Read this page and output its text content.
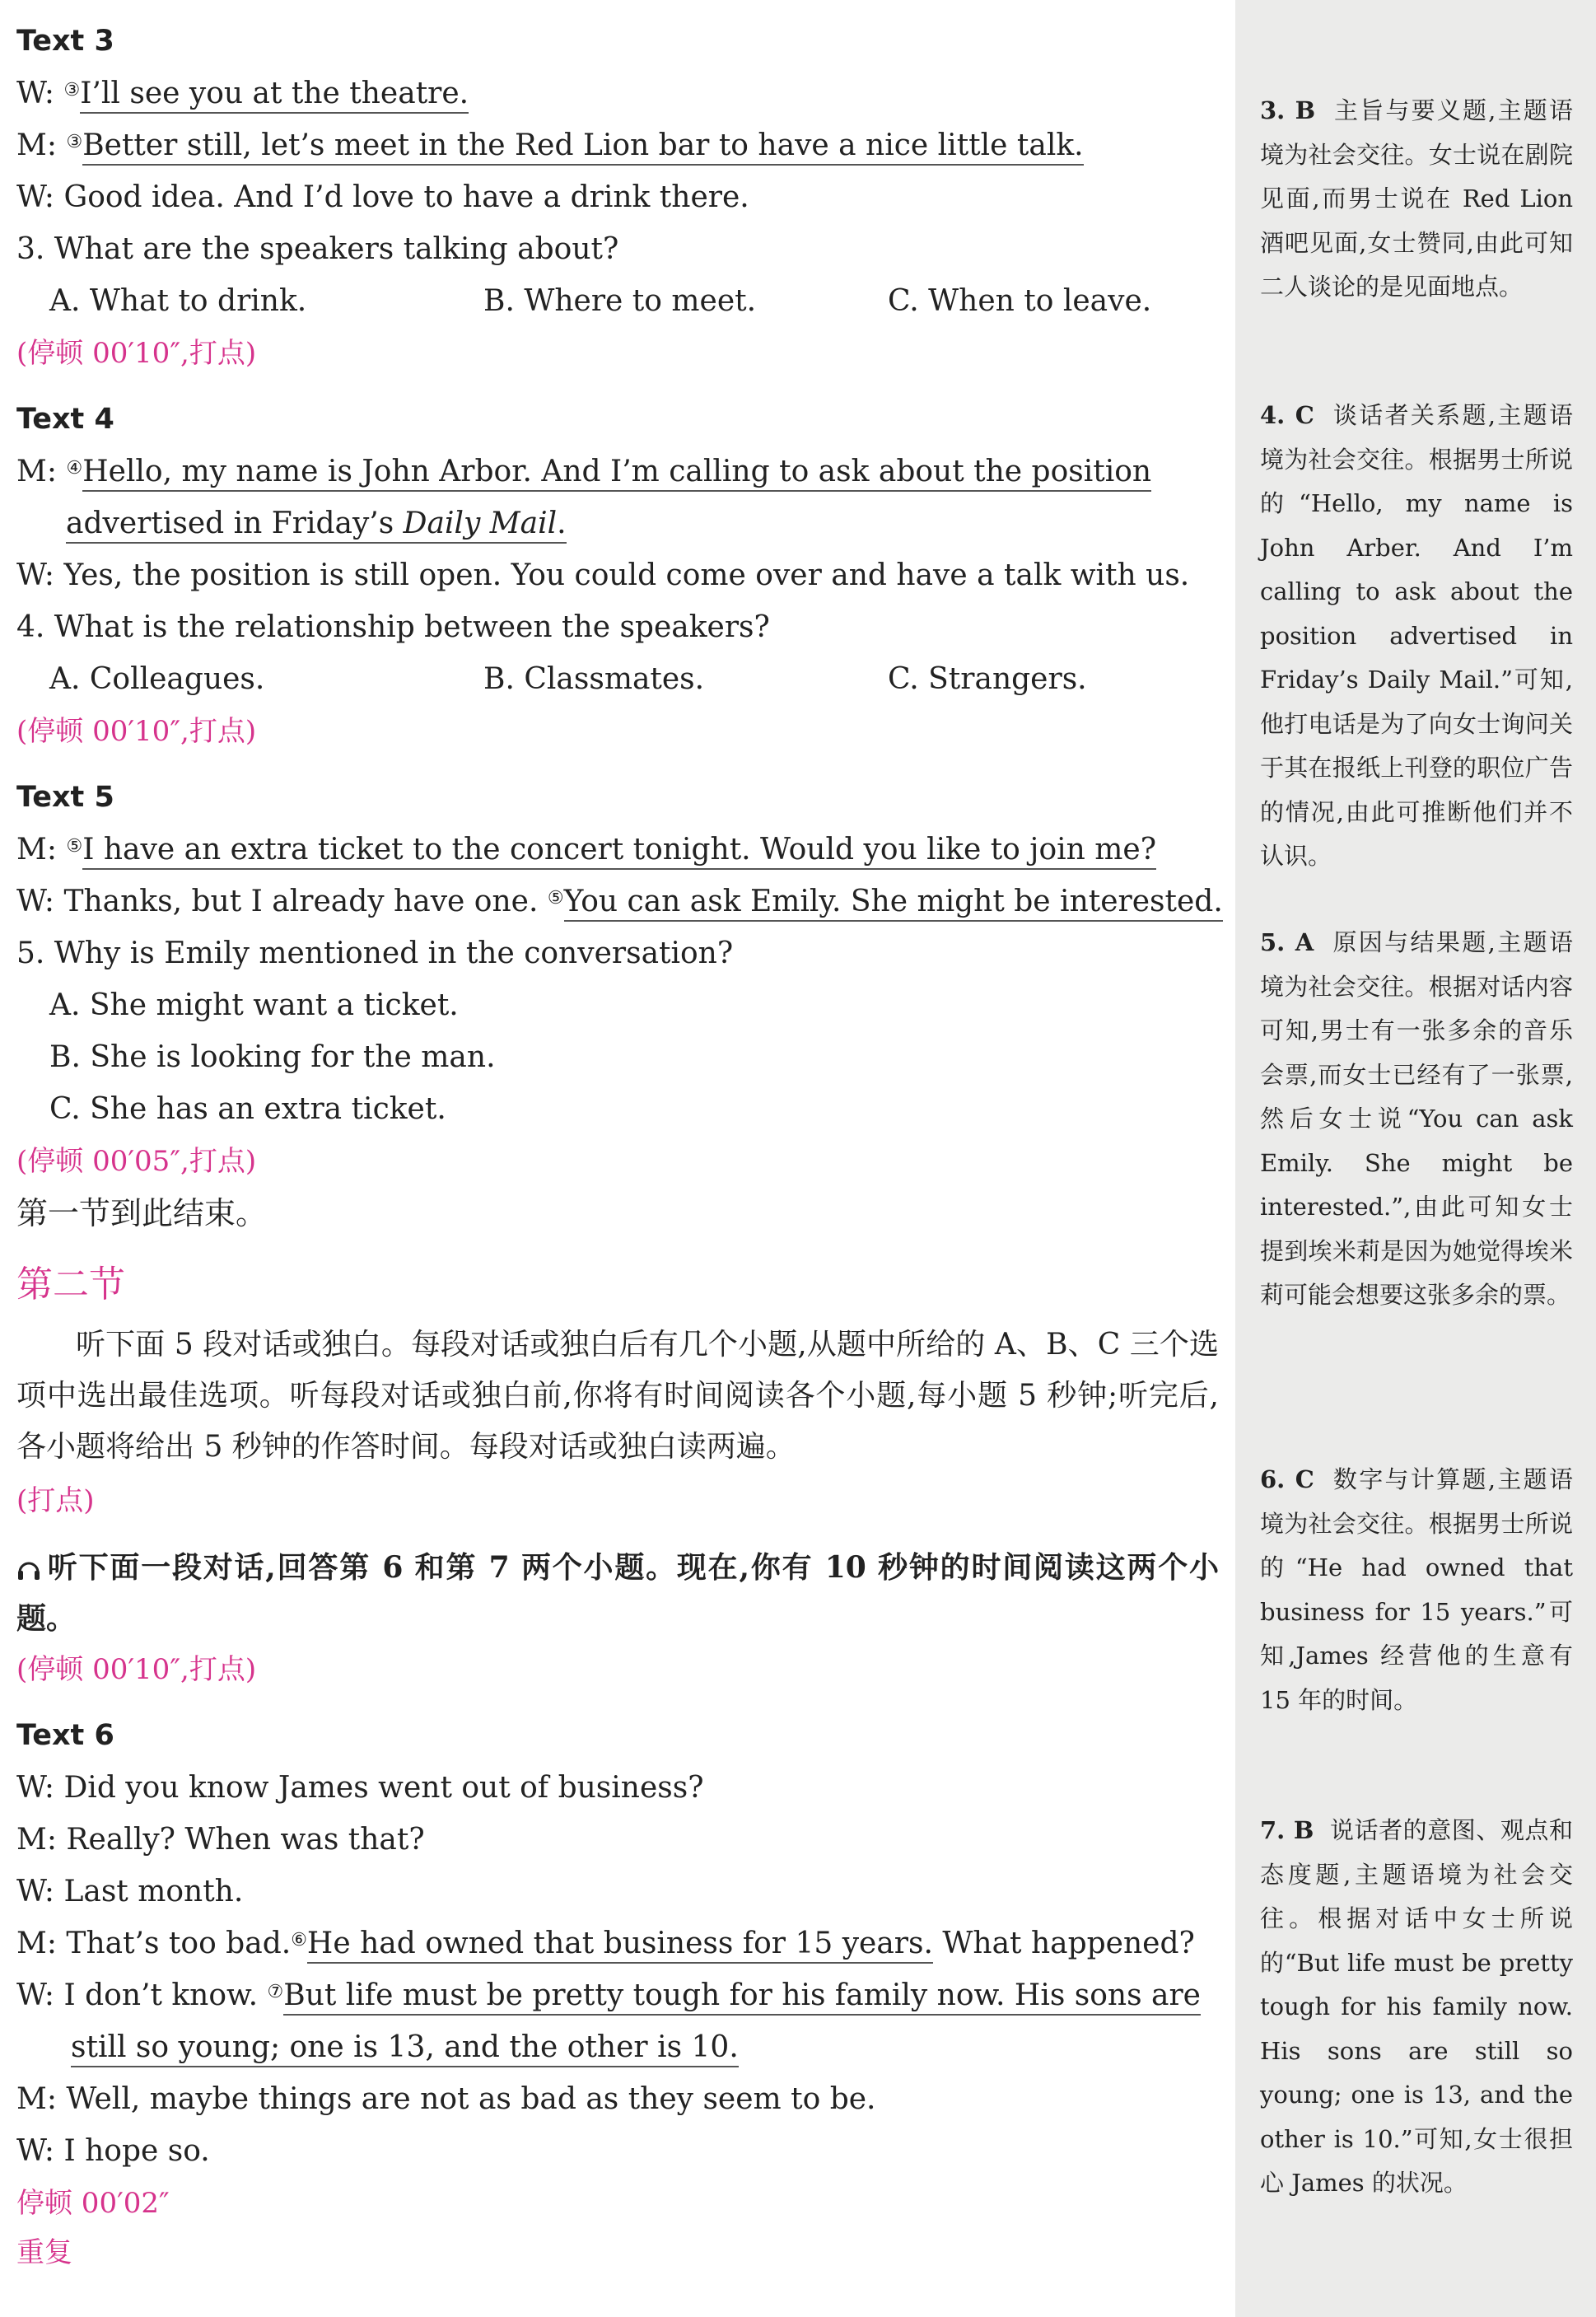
Text 3
W: ③I’ll see you at the theatre.
M: ③Better still, let’s meet in the Red Lion bar to have a nice little talk.
W: Good idea. And I’d love to have a drink there.
3. What are the speakers talking about?
A. What to drink.	B. Where to meet.	C. When to leave.
(停顿 00′10″,打点)
Text 4
M: ④Hello, my name is John Arbor. And I’m calling to ask about the position
advertised in Friday’s Daily Mail.
W: Yes, the position is still open. You could come over and have a talk with us.
4. What is the relationship between the speakers?
A. Colleagues.	B. Classmates.	C. Strangers.
(停顿 00′10″,打点)
Text 5
M: ⑤I have an extra ticket to the concert tonight. Would you like to join me?
W: Thanks, but I already have one. ⑤You can ask Emily. She might be interested.
5. Why is Emily mentioned in the conversation?
A. She might want a ticket.
B. She is looking for the man.
C. She has an extra ticket.
(停顿 00′05″,打点)
第一节到此结束。
第二节
听下面 5 段对话或独白。每段对话或独白后有几个小题,从题中所给的 A、B、C 三个选项中选出最佳选项。听每段对话或独白前,你将有时间阅读各个小题,每小题 5 秒钟;听完后,各小题将给出 5 秒钟的作答时间。每段对话或独白读两遍。
(打点)
听下面一段对话,回答第 6 和第 7 两个小题。现在,你有 10 秒钟的时间阅读这两个小题。
(停顿 00′10″,打点)
Text 6
W: Did you know James went out of business?
M: Really? When was that?
W: Last month.
M: That’s too bad.⑥He had owned that business for 15 years. What happened?
W: I don’t know. ⑦But life must be pretty tough for his family now. His sons are
still so young; one is 13, and the other is 10.
M: Well, maybe things are not as bad as they seem to be.
W: I hope so.
停顿 00′02″
重复
3. B 主旨与要义题,主题语境为社会交往。女士说在剧院见面,而男士说在 Red Lion 酒吧见面,女士赞同,由此可知二人谈论的是见面地点。
4. C 谈话者关系题,主题语境为社会交往。根据男士所说的“Hello, my name is John Arber. And I’m calling to ask about the position advertised in Friday’s Daily Mail.”可知,他打电话是为了向女士询问关于其在报纸上刊登的职位广告的情况,由此可推断他们并不认识。
5. A 原因与结果题,主题语境为社会交往。根据对话内容可知,男士有一张多余的音乐会票,而女士已经有了一张票,然后女士说“You can ask Emily. She might be interested.”,由此可知女士提到埃米莉是因为她觉得埃米莉可能会想要这张多余的票。
6. C 数字与计算题,主题语境为社会交往。根据男士所说的“He had owned that business for 15 years.”可知,James 经营他的生意有 15 年的时间。
7. B 说话者的意图、观点和态度题,主题语境为社会交往。根据对话中女士所说的“But life must be pretty tough for his family now. His sons are still so young; one is 13, and the other is 10.”可知,女士很担心 James 的状况。
